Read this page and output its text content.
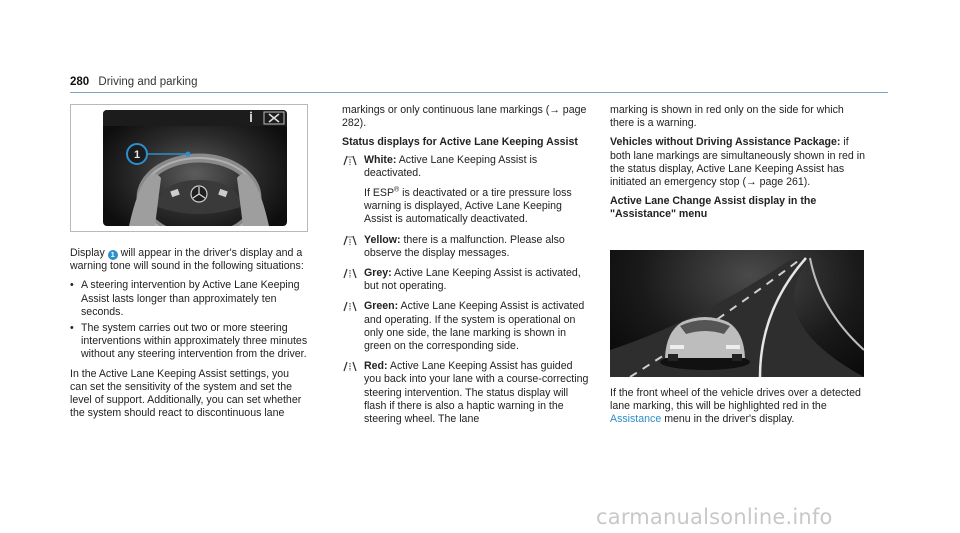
280 Driving and parking
1

Display 1 will appear in the driver's display and a warning tone will sound in the following situations:

• A steering intervention by Active Lane Keeping Assist lasts longer than approximately ten seconds.
• The system carries out two or more steering interventions within approximately three minutes without any steering intervention from the driver.

In the Active Lane Keeping Assist settings, you can set the sensitivity of the system and set the level of support. Additionally, you can set whether the system should react to discontinuous lane

markings or only continuous lane markings (→ page 282).

Status displays for Active Lane Keeping Assist
OFF White: Active Lane Keeping Assist is deactivated.
If ESP® is deactivated or a tire pressure loss warning is displayed, Active Lane Keeping Assist is automatically deactivated.
OFF Yellow: there is a malfunction. Please also observe the display messages.
Grey: Active Lane Keeping Assist is activated, but not operating.
Green: Active Lane Keeping Assist is activated and operating. If the system is operational on only one side, the lane marking is shown in green on the corresponding side.
Red: Active Lane Keeping Assist has guided you back into your lane with a course-correcting steering intervention. The status display will flash if there is also a haptic warning in the steering wheel. The lane

marking is shown in red only on the side for which there is a warning.

Vehicles without Driving Assistance Package: if both lane markings are simultaneously shown in red in the status display, Active Lane Keeping Assist has initiated an emergency stop (→ page 261).

Active Lane Change Assist display in the "Assistance" menu

If the front wheel of the vehicle drives over a detected lane marking, this will be highlighted red in the Assistance menu in the driver's display.

carmanualsonline.info
